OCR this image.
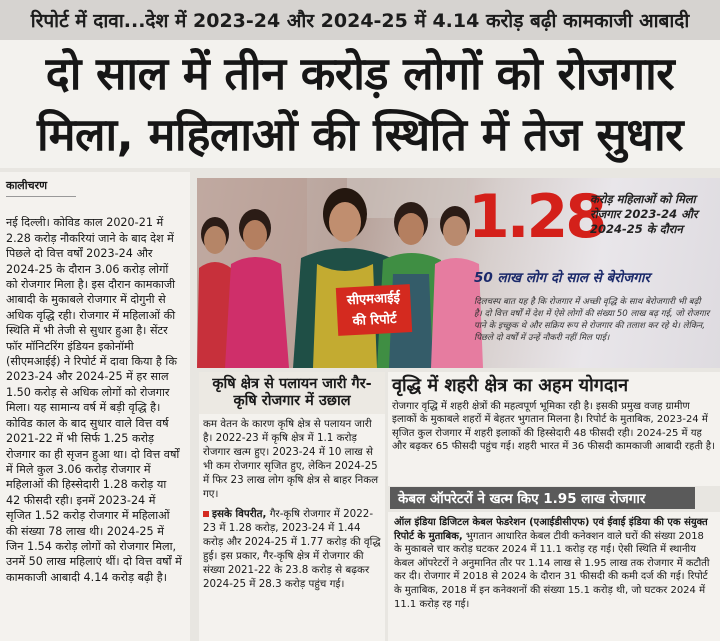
रिपोर्ट में दावा...देश में 2023-24 और 2024-25 में 4.14 करोड़ बढ़ी कामकाजी आबादी
दो साल में तीन करोड़ लोगों को रोजगार
मिला, महिलाओं की स्थिति में तेज सुधार
कालीचरण

नई दिल्ली। कोविड काल 2020-21 में 2.28 करोड़ नौकरियां जाने के बाद देश में पिछले दो वित्त वर्षों 2023-24 और 2024-25 के दौरान 3.06 करोड़ लोगों को रोजगार मिला है। इस दौरान कामकाजी आबादी के मुकाबले रोजगार में दोगुनी से अधिक वृद्धि रही। रोजगार में महिलाओं की स्थिति में भी तेजी से सुधार हुआ है। सेंटर फॉर मॉनिटरिंग इंडियन इकोनॉमी (सीएमआईई) ने रिपोर्ट में दावा किया है कि 2023-24 और 2024-25 में हर साल 1.50 करोड़ से अधिक लोगों को रोजगार मिला। यह सामान्य वर्ष में बड़ी वृद्धि है। कोविड काल के बाद सुधार वाले वित्त वर्ष 2021-22 में भी सिर्फ 1.25 करोड़ रोजगार का ही सृजन हुआ था। दो वित्त वर्षों में मिले कुल 3.06 करोड़ रोजगार में महिलाओं की हिस्सेदारी 1.28 करोड़ या 42 फीसदी रही। इनमें 2023-24 में सृजित 1.52 करोड़ रोजगार में महिलाओं की संख्या 78 लाख थी। 2024-25 में जिन 1.54 करोड़ लोगों को रोजगार मिला, उनमें 50 लाख महिलाएं थीं। दो वित्त वर्षों में कामकाजी आबादी 4.14 करोड़ बढ़ी है।

सीएमआईई
की रिपोर्ट
1.28
करोड़ महिलाओं को मिला रोजगार 2023-24 और 2024-25 के दौरान
50 लाख लोग दो साल से बेरोजगार
दिलचस्प बात यह है कि रोजगार में अच्छी वृद्धि के साथ बेरोजगारी भी बढ़ी है। दो वित्त वर्षों में देश में ऐसे लोगों की संख्या 50 लाख बढ़ गई, जो रोजगार पाने के इच्छुक थे और सक्रिय रूप से रोजगार की तलाश कर रहे थे। लेकिन, पिछले दो वर्षों में उन्हें नौकरी नहीं मिल पाई।
कृषि क्षेत्र से पलायन जारी गैर-कृषि रोजगार में उछाल
कम वेतन के कारण कृषि क्षेत्र से पलायन जारी है। 2022-23 में कृषि क्षेत्र में 1.1 करोड़ रोजगार खत्म हुए। 2023-24 में 10 लाख से भी कम रोजगार सृजित हुए, लेकिन 2024-25 में फिर 23 लाख लोग कृषि क्षेत्र से बाहर निकल गए।
इसके विपरीत, गैर-कृषि रोजगार में 2022-23 में 1.28 करोड़, 2023-24 में 1.44 करोड़ और 2024-25 में 1.77 करोड़ की वृद्धि हुई। इस प्रकार, गैर-कृषि क्षेत्र में रोजगार की संख्या 2021-22 के 23.8 करोड़ से बढ़कर 2024-25 में 28.3 करोड़ पहुंच गई।
वृद्धि में शहरी क्षेत्र का अहम योगदान
रोजगार वृद्धि में शहरी क्षेत्रों की महत्वपूर्ण भूमिका रही है। इसकी प्रमुख वजह ग्रामीण इलाकों के मुकाबले शहरों में बेहतर भुगतान मिलना है। रिपोर्ट के मुताबिक, 2023-24 में सृजित कुल रोजगार में शहरी इलाकों की हिस्सेदारी 48 फीसदी रही। 2024-25 में यह और बढ़कर 65 फीसदी पहुंच गई। शहरी भारत में 36 फीसदी कामकाजी आबादी रहती है।
केबल ऑपरेटरों ने खत्म किए 1.95 लाख रोजगार
ऑल इंडिया डिजिटल केबल फेडरेशन (एआईडीसीएफ) एवं ईवाई इंडिया की एक संयुक्त रिपोर्ट के मुताबिक, भुगतान आधारित केबल टीवी कनेक्शन वाले घरों की संख्या 2018 के मुकाबले चार करोड़ घटकर 2024 में 11.1 करोड़ रह गई। ऐसी स्थिति में स्थानीय केबल ऑपरेटरों ने अनुमानित तौर पर 1.14 लाख से 1.95 लाख तक रोजगार में कटौती कर दी। रोजगार में 2018 से 2024 के दौरान 31 फीसदी की कमी दर्ज की गई। रिपोर्ट के मुताबिक, 2018 में इन कनेक्शनों की संख्या 15.1 करोड़ थी, जो घटकर 2024 में 11.1 करोड़ रह गई।
